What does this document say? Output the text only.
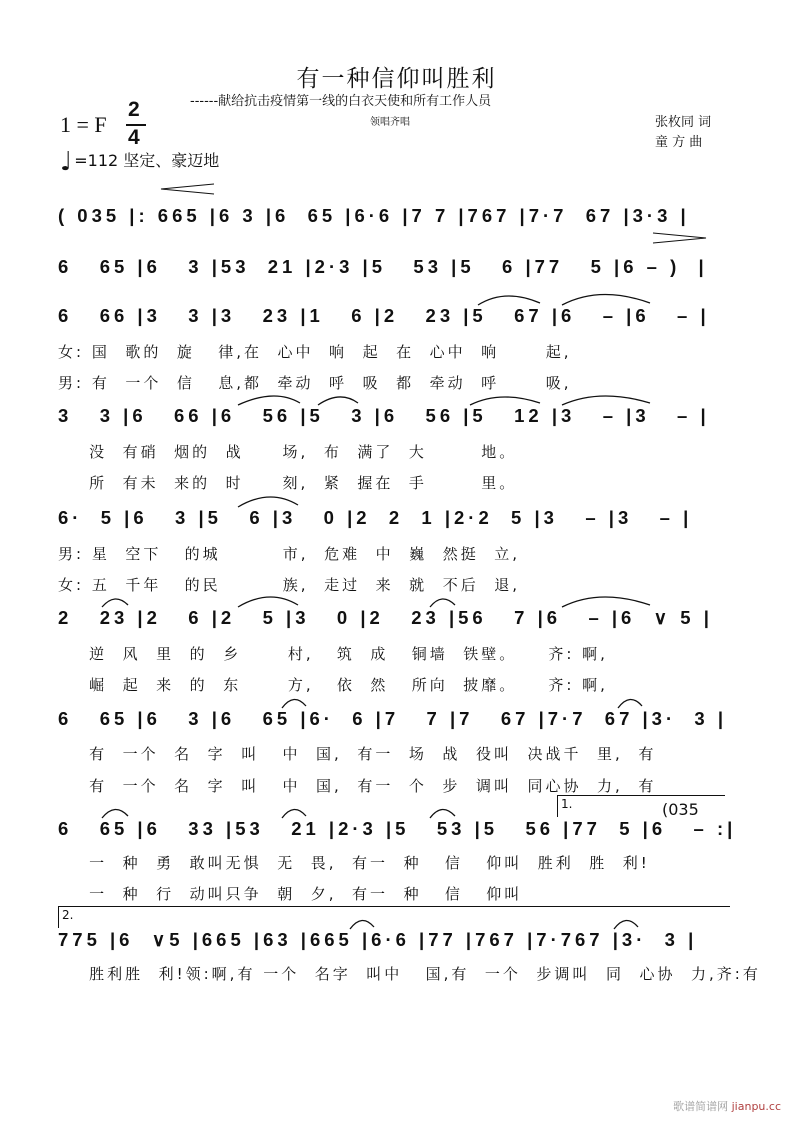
有一种信仰叫胜利
------献给抗击疫情第一线的白衣天使和所有工作人员
领唱齐唱	张枚同 词
童 方 曲
1 = F
2
4
♩ =112 坚定、豪迈地
( 035 |: 665 |6 3 |6  65 |6·6 |7 7 |767 |7·7  67 |3·3 |
6   65 |6   3 |53  21 |2·3 |5   53 |5   6 |77   5 |6 – )  |
6   66 |3   3 |3   23 |1   6 |2   23 |5   67 |6   – |6   – |
女: 国  歌的  旋   律,在  心中  响  起  在  心中  响      起,
男: 有  一个  信   息,都  牵动  呼  吸  都  牵动  呼      吸,
3   3 |6   66 |6   56 |5   3 |6   56 |5   12 |3   – |3   – |
没  有硝  烟的  战     场,  布  满了  大       地。
所  有未  来的  时     刻,  紧  握在  手       里。
6·  5 |6   3 |5   6 |3   0 |2  2  1 |2·2  5 |3   – |3   – |
男: 星  空下   的城        市,  危难  中  巍  然挺  立,
女: 五  千年   的民        族,  走过  来  就  不后  退,
2   23 |2   6 |2   5 |3   0 |2   23 |56   7 |6   – |6  ∨ 5 |
逆  风  里  的  乡      村,   筑  成   铜墙  铁壁。    齐: 啊,
崛  起  来  的  东      方,   依  然   所向  披靡。    齐: 啊,
6   65 |6   3 |6   65 |6·  6 |7   7 |7   67 |7·7  67 |3·  3 |
有  一个  名  字  叫   中  国,  有一  场  战  役叫  决战千  里,  有
有  一个  名  字  叫   中  国,  有一  个  步  调叫  同心协  力,  有
1.	(035
6   65 |6   33 |53   21 |2·3 |5   53 |5   56 |77  5 |6   – :|
一  种  勇  敢叫无惧  无  畏,  有一  种   信   仰叫  胜利  胜  利!
一  种  行  动叫只争  朝  夕,  有一  种   信   仰叫
2.
775 |6  ∨5 |665 |63 |665 |6·6 |77 |767 |7·767 |3·  3 |
胜利胜  利!领:啊,有 一个  名字  叫中   国,有  一个  步调叫  同  心协  力,齐:有
歌谱简谱网 jianpu.cc
